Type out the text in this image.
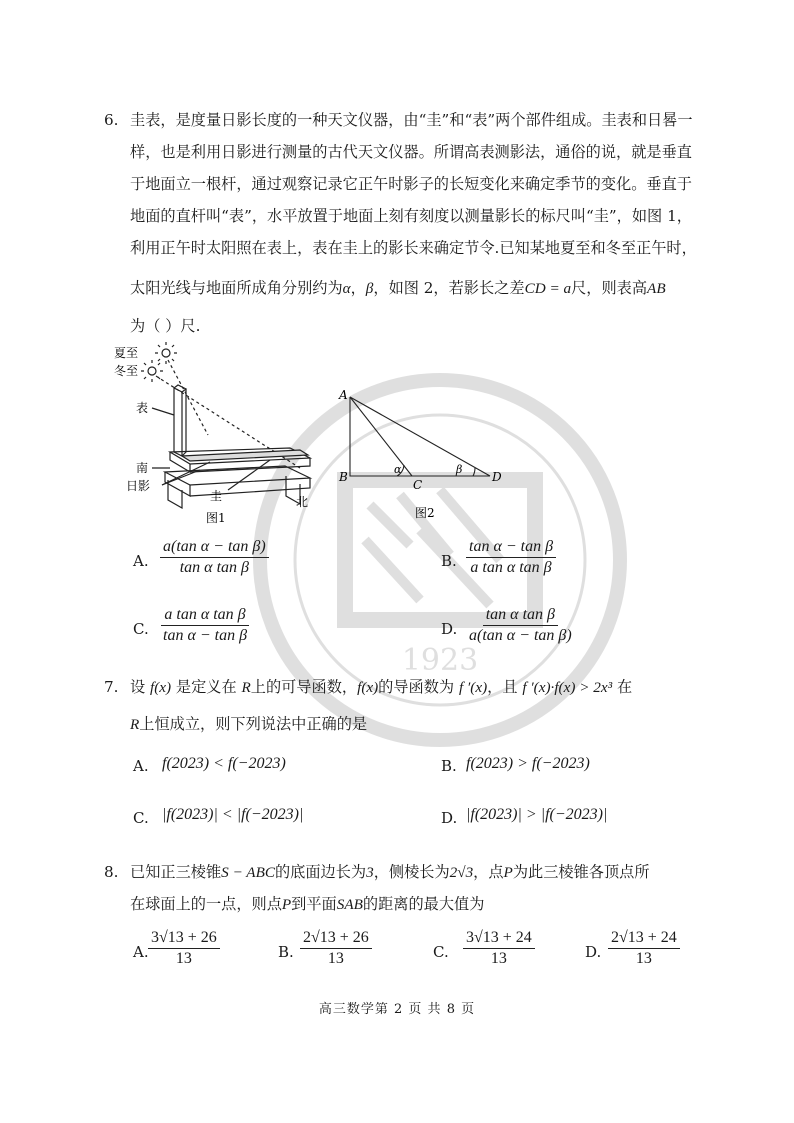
1923
6. 圭表，是度量日影长度的一种天文仪器，由“圭”和“表”两个部件组成。圭表和日晷一
样，也是利用日影进行测量的古代天文仪器。所谓高表测影法，通俗的说，就是垂直
于地面立一根杆，通过观察记录它正午时影子的长短变化来确定季节的变化。垂直于
地面的直杆叫“表”，水平放置于地面上刻有刻度以测量影长的标尺叫“圭”，如图 1，
利用正午时太阳照在表上，表在圭上的影长来确定节令.已知某地夏至和冬至正午时，
太阳光线与地面所成角分别约为α，β，如图 2，若影长之差CD = a尺，则表高AB
为（ ）尺.
夏至
冬至
表
南
日影
圭	北
图1
A
B
C
D
α	β
图2
A. $\frac{\text{a(tan α − tan β)}}{\text{tan α tan β}}$	B. $\frac{\text{tan α − tan β}}{\text{a tan α tan β}}$
C. $\frac{\text{a tan α tan β}}{\text{tan α − tan β}}$	D. $\frac{\text{tan α tan β}}{\text{a(tan α − tan β)}}$
7. 设 f(x) 是定义在 R上的可导函数，f(x)的导函数为 f ′(x)，且 f ′(x)·f(x) > 2x³ 在
R上恒成立，则下列说法中正确的是
A. f(2023) < f(−2023)	B. f(2023) > f(−2023)
C. |f(2023)| < |f(−2023)|	D. |f(2023)| > |f(−2023)|
8. 已知正三棱锥S − ABC的底面边长为3，侧棱长为2√3，点P为此三棱锥各顶点所
在球面上的一点，则点P到平面SAB的距离的最大值为
A. $\frac{3√13 + 26}{13}$	B. $\frac{2√13 + 26}{13}$	C. $\frac{3√13 + 24}{13}$	D. $\frac{2√13 + 24}{13}$
高三数学第 2 页 共 8 页
